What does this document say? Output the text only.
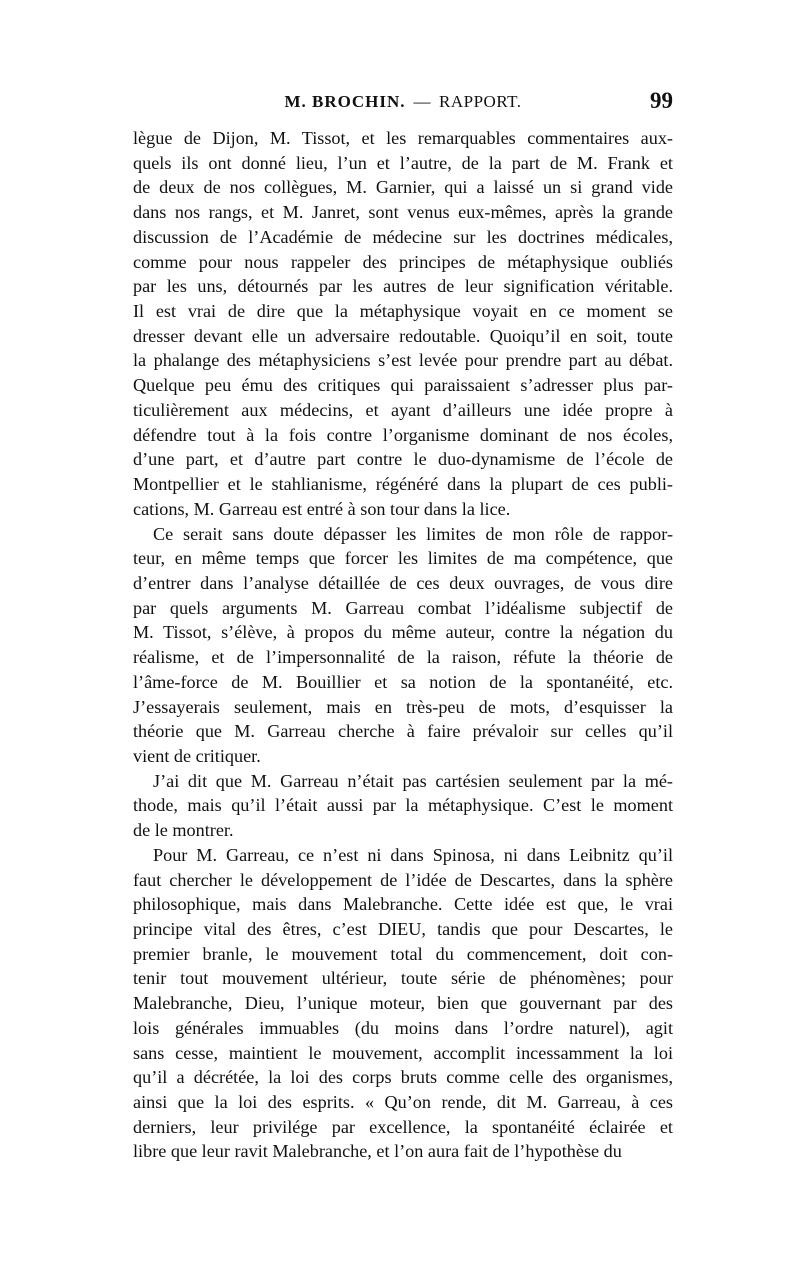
M. BROCHIN. — RAPPORT.	99
lègue de Dijon, M. Tissot, et les remarquables commentaires aux-
quels ils ont donné lieu, l’un et l’autre, de la part de M. Frank et
de deux de nos collègues, M. Garnier, qui a laissé un si grand vide
dans nos rangs, et M. Janret, sont venus eux-mêmes, après la grande
discussion de l’Académie de médecine sur les doctrines médicales,
comme pour nous rappeler des principes de métaphysique oubliés
par les uns, détournés par les autres de leur signification véritable.
Il est vrai de dire que la métaphysique voyait en ce moment se
dresser devant elle un adversaire redoutable. Quoiqu’il en soit, toute
la phalange des métaphysiciens s’est levée pour prendre part au débat.
Quelque peu ému des critiques qui paraissaient s’adresser plus par-
ticulièrement aux médecins, et ayant d’ailleurs une idée propre à
défendre tout à la fois contre l’organisme dominant de nos écoles,
d’une part, et d’autre part contre le duo-dynamisme de l’école de
Montpellier et le stahlianisme, régénéré dans la plupart de ces publi-
cations, M. Garreau est entré à son tour dans la lice.
Ce serait sans doute dépasser les limites de mon rôle de rappor-
teur, en même temps que forcer les limites de ma compétence, que
d’entrer dans l’analyse détaillée de ces deux ouvrages, de vous dire
par quels arguments M. Garreau combat l’idéalisme subjectif de
M. Tissot, s’élève, à propos du même auteur, contre la négation du
réalisme, et de l’impersonnalité de la raison, réfute la théorie de
l’âme-force de M. Bouillier et sa notion de la spontanéité, etc.
J’essayerais seulement, mais en très-peu de mots, d’esquisser la
théorie que M. Garreau cherche à faire prévaloir sur celles qu’il
vient de critiquer.
J’ai dit que M. Garreau n’était pas cartésien seulement par la mé-
thode, mais qu’il l’était aussi par la métaphysique. C’est le moment
de le montrer.
Pour M. Garreau, ce n’est ni dans Spinosa, ni dans Leibnitz qu’il
faut chercher le développement de l’idée de Descartes, dans la sphère
philosophique, mais dans Malebranche. Cette idée est que, le vrai
principe vital des êtres, c’est DIEU, tandis que pour Descartes, le
premier branle, le mouvement total du commencement, doit con-
tenir tout mouvement ultérieur, toute série de phénomènes; pour
Malebranche, Dieu, l’unique moteur, bien que gouvernant par des
lois générales immuables (du moins dans l’ordre naturel), agit
sans cesse, maintient le mouvement, accomplit incessamment la loi
qu’il a décrétée, la loi des corps bruts comme celle des organismes,
ainsi que la loi des esprits. « Qu’on rende, dit M. Garreau, à ces
derniers, leur privilége par excellence, la spontanéité éclairée et
libre que leur ravit Malebranche, et l’on aura fait de l’hypothèse du
